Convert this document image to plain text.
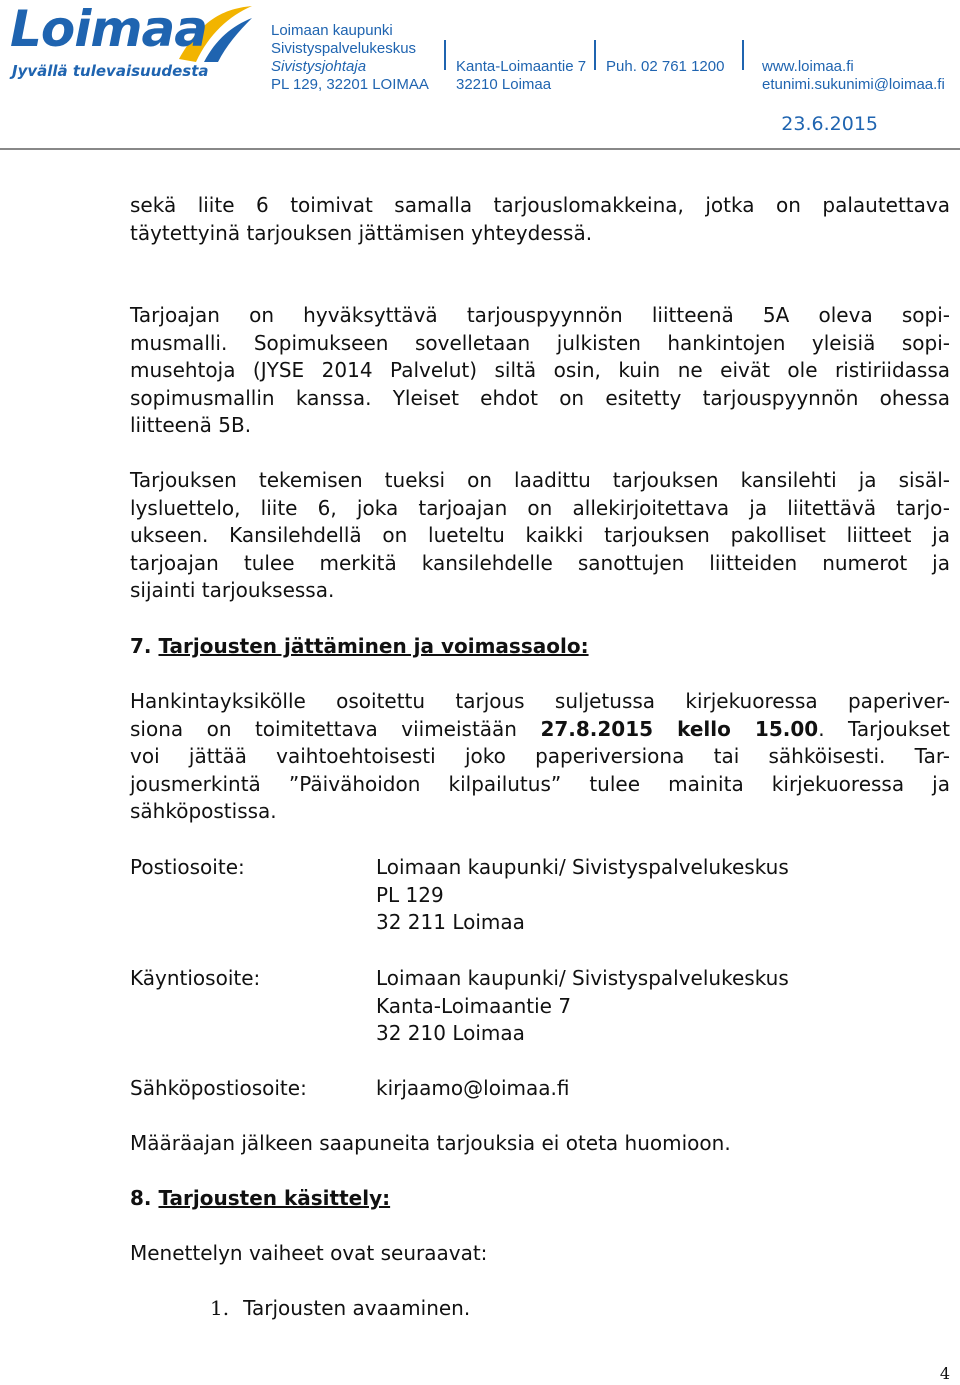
Loimaa
Jyvällä tulevaisuudesta
Loimaan kaupunki
Sivistyspalvelukeskus
Sivistysjohtaja
PL 129, 32201 LOIMAA
Kanta-Loimaantie 7
32210 Loimaa
Puh. 02 761 1200	www.loimaa.fi
etunimi.sukunimi@loimaa.fi
23.6.2015
sekä liite 6 toimivat samalla tarjouslomakkeina, jotka on palautettava
täytettyinä tarjouksen jättämisen yhteydessä.
Tarjoajan on hyväksyttävä tarjouspyynnön liitteenä 5A oleva sopi-
musmalli. Sopimukseen sovelletaan julkisten hankintojen yleisiä sopi-
musehtoja (JYSE 2014 Palvelut) siltä osin, kuin ne eivät ole ristiriidassa
sopimusmallin kanssa. Yleiset ehdot on esitetty tarjouspyynnön ohessa
liitteenä 5B.
Tarjouksen tekemisen tueksi on laadittu tarjouksen kansilehti ja sisäl-
lysluettelo, liite 6, joka tarjoajan on allekirjoitettava ja liitettävä tarjo-
ukseen. Kansilehdellä on lueteltu kaikki tarjouksen pakolliset liitteet ja
tarjoajan tulee merkitä kansilehdelle sanottujen liitteiden numerot ja
sijainti tarjouksessa.
7. Tarjousten jättäminen ja voimassaolo:
Hankintayksikölle osoitettu tarjous suljetussa kirjekuoressa paperiver-
siona on toimitettava viimeistään 27.8.2015 kello 15.00. Tarjoukset
voi jättää vaihtoehtoisesti joko paperiversiona tai sähköisesti. Tar-
jousmerkintä ”Päivähoidon kilpailutus” tulee mainita kirjekuoressa ja
sähköpostissa.
Postiosoite:	Loimaan kaupunki/ Sivistyspalvelukeskus
PL 129
32 211 Loimaa
Käyntiosoite:	Loimaan kaupunki/ Sivistyspalvelukeskus
Kanta-Loimaantie 7
32 210 Loimaa
Sähköpostiosoite:	kirjaamo@loimaa.fi
Määräajan jälkeen saapuneita tarjouksia ei oteta huomioon.
8. Tarjousten käsittely:
Menettelyn vaiheet ovat seuraavat:
1. Tarjousten avaaminen.
4
